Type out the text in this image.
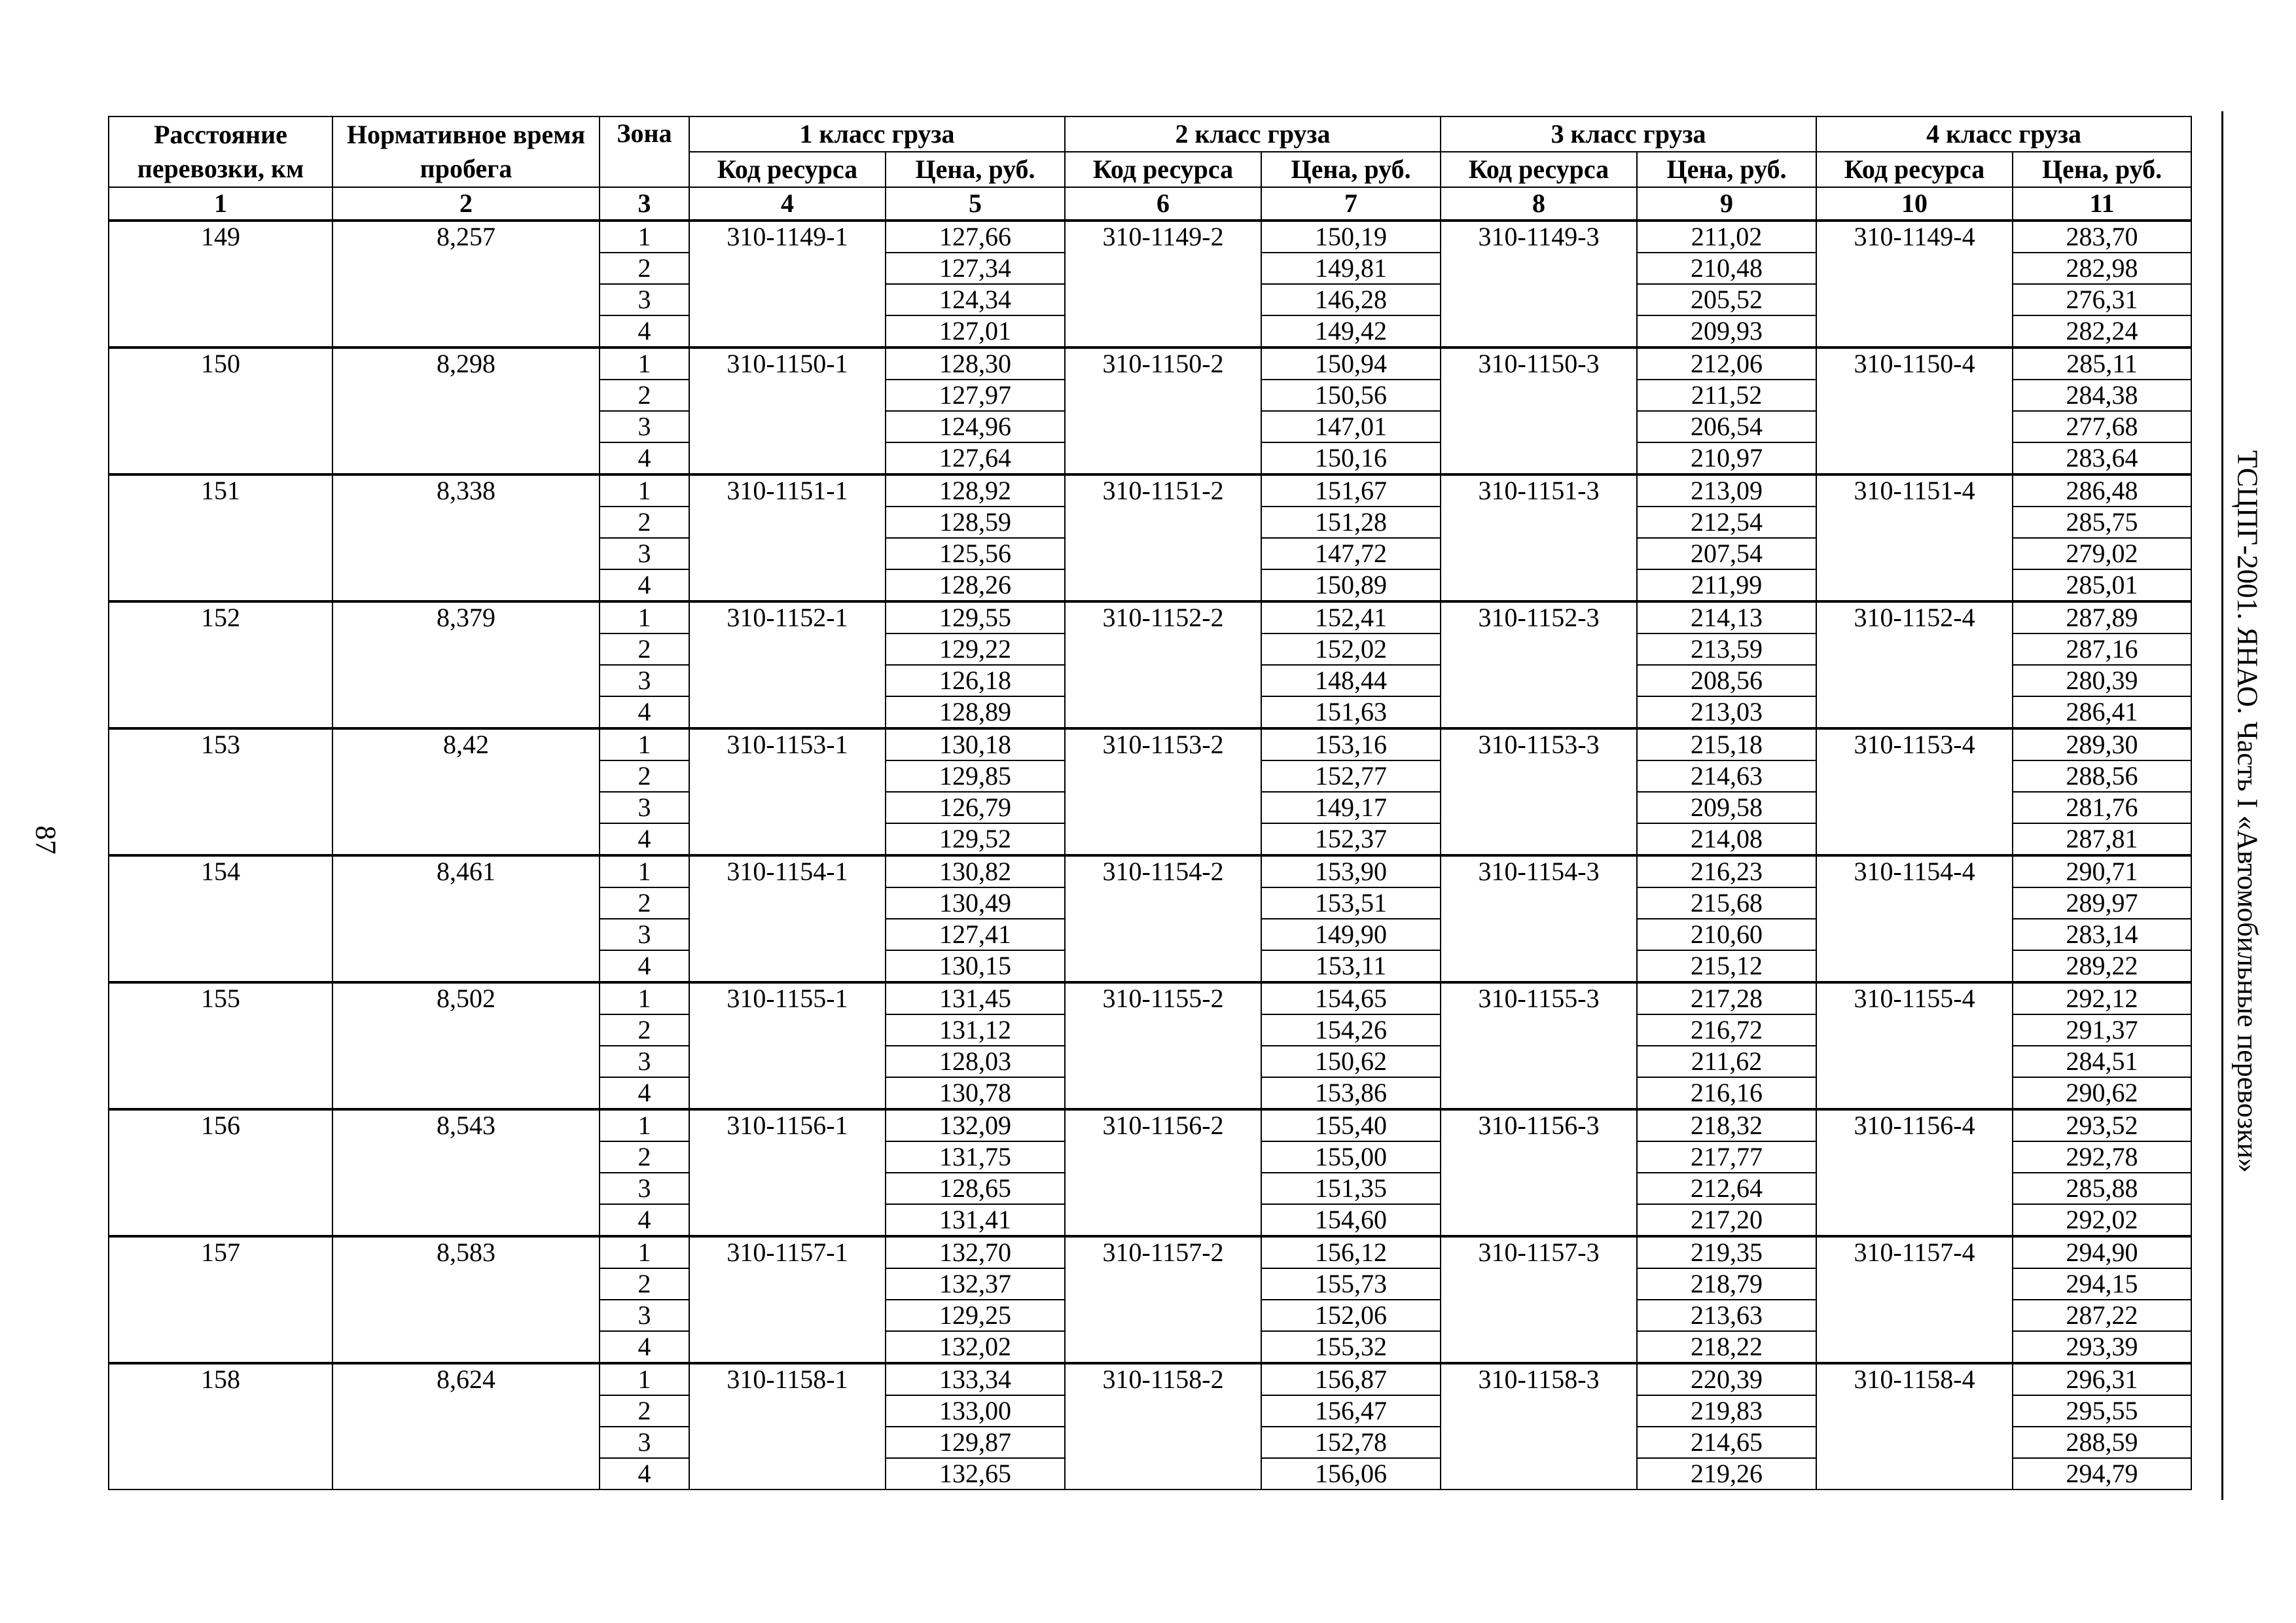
87	ТСЦПГ-2001. ЯНАО. Часть I «Автомобильные перевозки»
Расстояние перевозки, км	Нормативное время пробега	Зона	1 класс груза		2 класс груза		3 класс груза		4 класс груза	
			Код ресурса	Цена, руб.	Код ресурса	Цена, руб.	Код ресурса	Цена, руб.	Код ресурса	Цена, руб.
1	2	3	4	5	6	7	8	9	10	11
149	8,257	1	310-1149-1	127,66	310-1149-2	150,19	310-1149-3	211,02	310-1149-4	283,70
		2		127,34		149,81		210,48		282,98
		3		124,34		146,28		205,52		276,31
		4		127,01		149,42		209,93		282,24
150	8,298	1	310-1150-1	128,30	310-1150-2	150,94	310-1150-3	212,06	310-1150-4	285,11
		2		127,97		150,56		211,52		284,38
		3		124,96		147,01		206,54		277,68
		4		127,64		150,16		210,97		283,64
151	8,338	1	310-1151-1	128,92	310-1151-2	151,67	310-1151-3	213,09	310-1151-4	286,48
		2		128,59		151,28		212,54		285,75
		3		125,56		147,72		207,54		279,02
		4		128,26		150,89		211,99		285,01
152	8,379	1	310-1152-1	129,55	310-1152-2	152,41	310-1152-3	214,13	310-1152-4	287,89
		2		129,22		152,02		213,59		287,16
		3		126,18		148,44		208,56		280,39
		4		128,89		151,63		213,03		286,41
153	8,42	1	310-1153-1	130,18	310-1153-2	153,16	310-1153-3	215,18	310-1153-4	289,30
		2		129,85		152,77		214,63		288,56
		3		126,79		149,17		209,58		281,76
		4		129,52		152,37		214,08		287,81
154	8,461	1	310-1154-1	130,82	310-1154-2	153,90	310-1154-3	216,23	310-1154-4	290,71
		2		130,49		153,51		215,68		289,97
		3		127,41		149,90		210,60		283,14
		4		130,15		153,11		215,12		289,22
155	8,502	1	310-1155-1	131,45	310-1155-2	154,65	310-1155-3	217,28	310-1155-4	292,12
		2		131,12		154,26		216,72		291,37
		3		128,03		150,62		211,62		284,51
		4		130,78		153,86		216,16		290,62
156	8,543	1	310-1156-1	132,09	310-1156-2	155,40	310-1156-3	218,32	310-1156-4	293,52
		2		131,75		155,00		217,77		292,78
		3		128,65		151,35		212,64		285,88
		4		131,41		154,60		217,20		292,02
157	8,583	1	310-1157-1	132,70	310-1157-2	156,12	310-1157-3	219,35	310-1157-4	294,90
		2		132,37		155,73		218,79		294,15
		3		129,25		152,06		213,63		287,22
		4		132,02		155,32		218,22		293,39
158	8,624	1	310-1158-1	133,34	310-1158-2	156,87	310-1158-3	220,39	310-1158-4	296,31
		2		133,00		156,47		219,83		295,55
		3		129,87		152,78		214,65		288,59
		4		132,65		156,06		219,26		294,79
